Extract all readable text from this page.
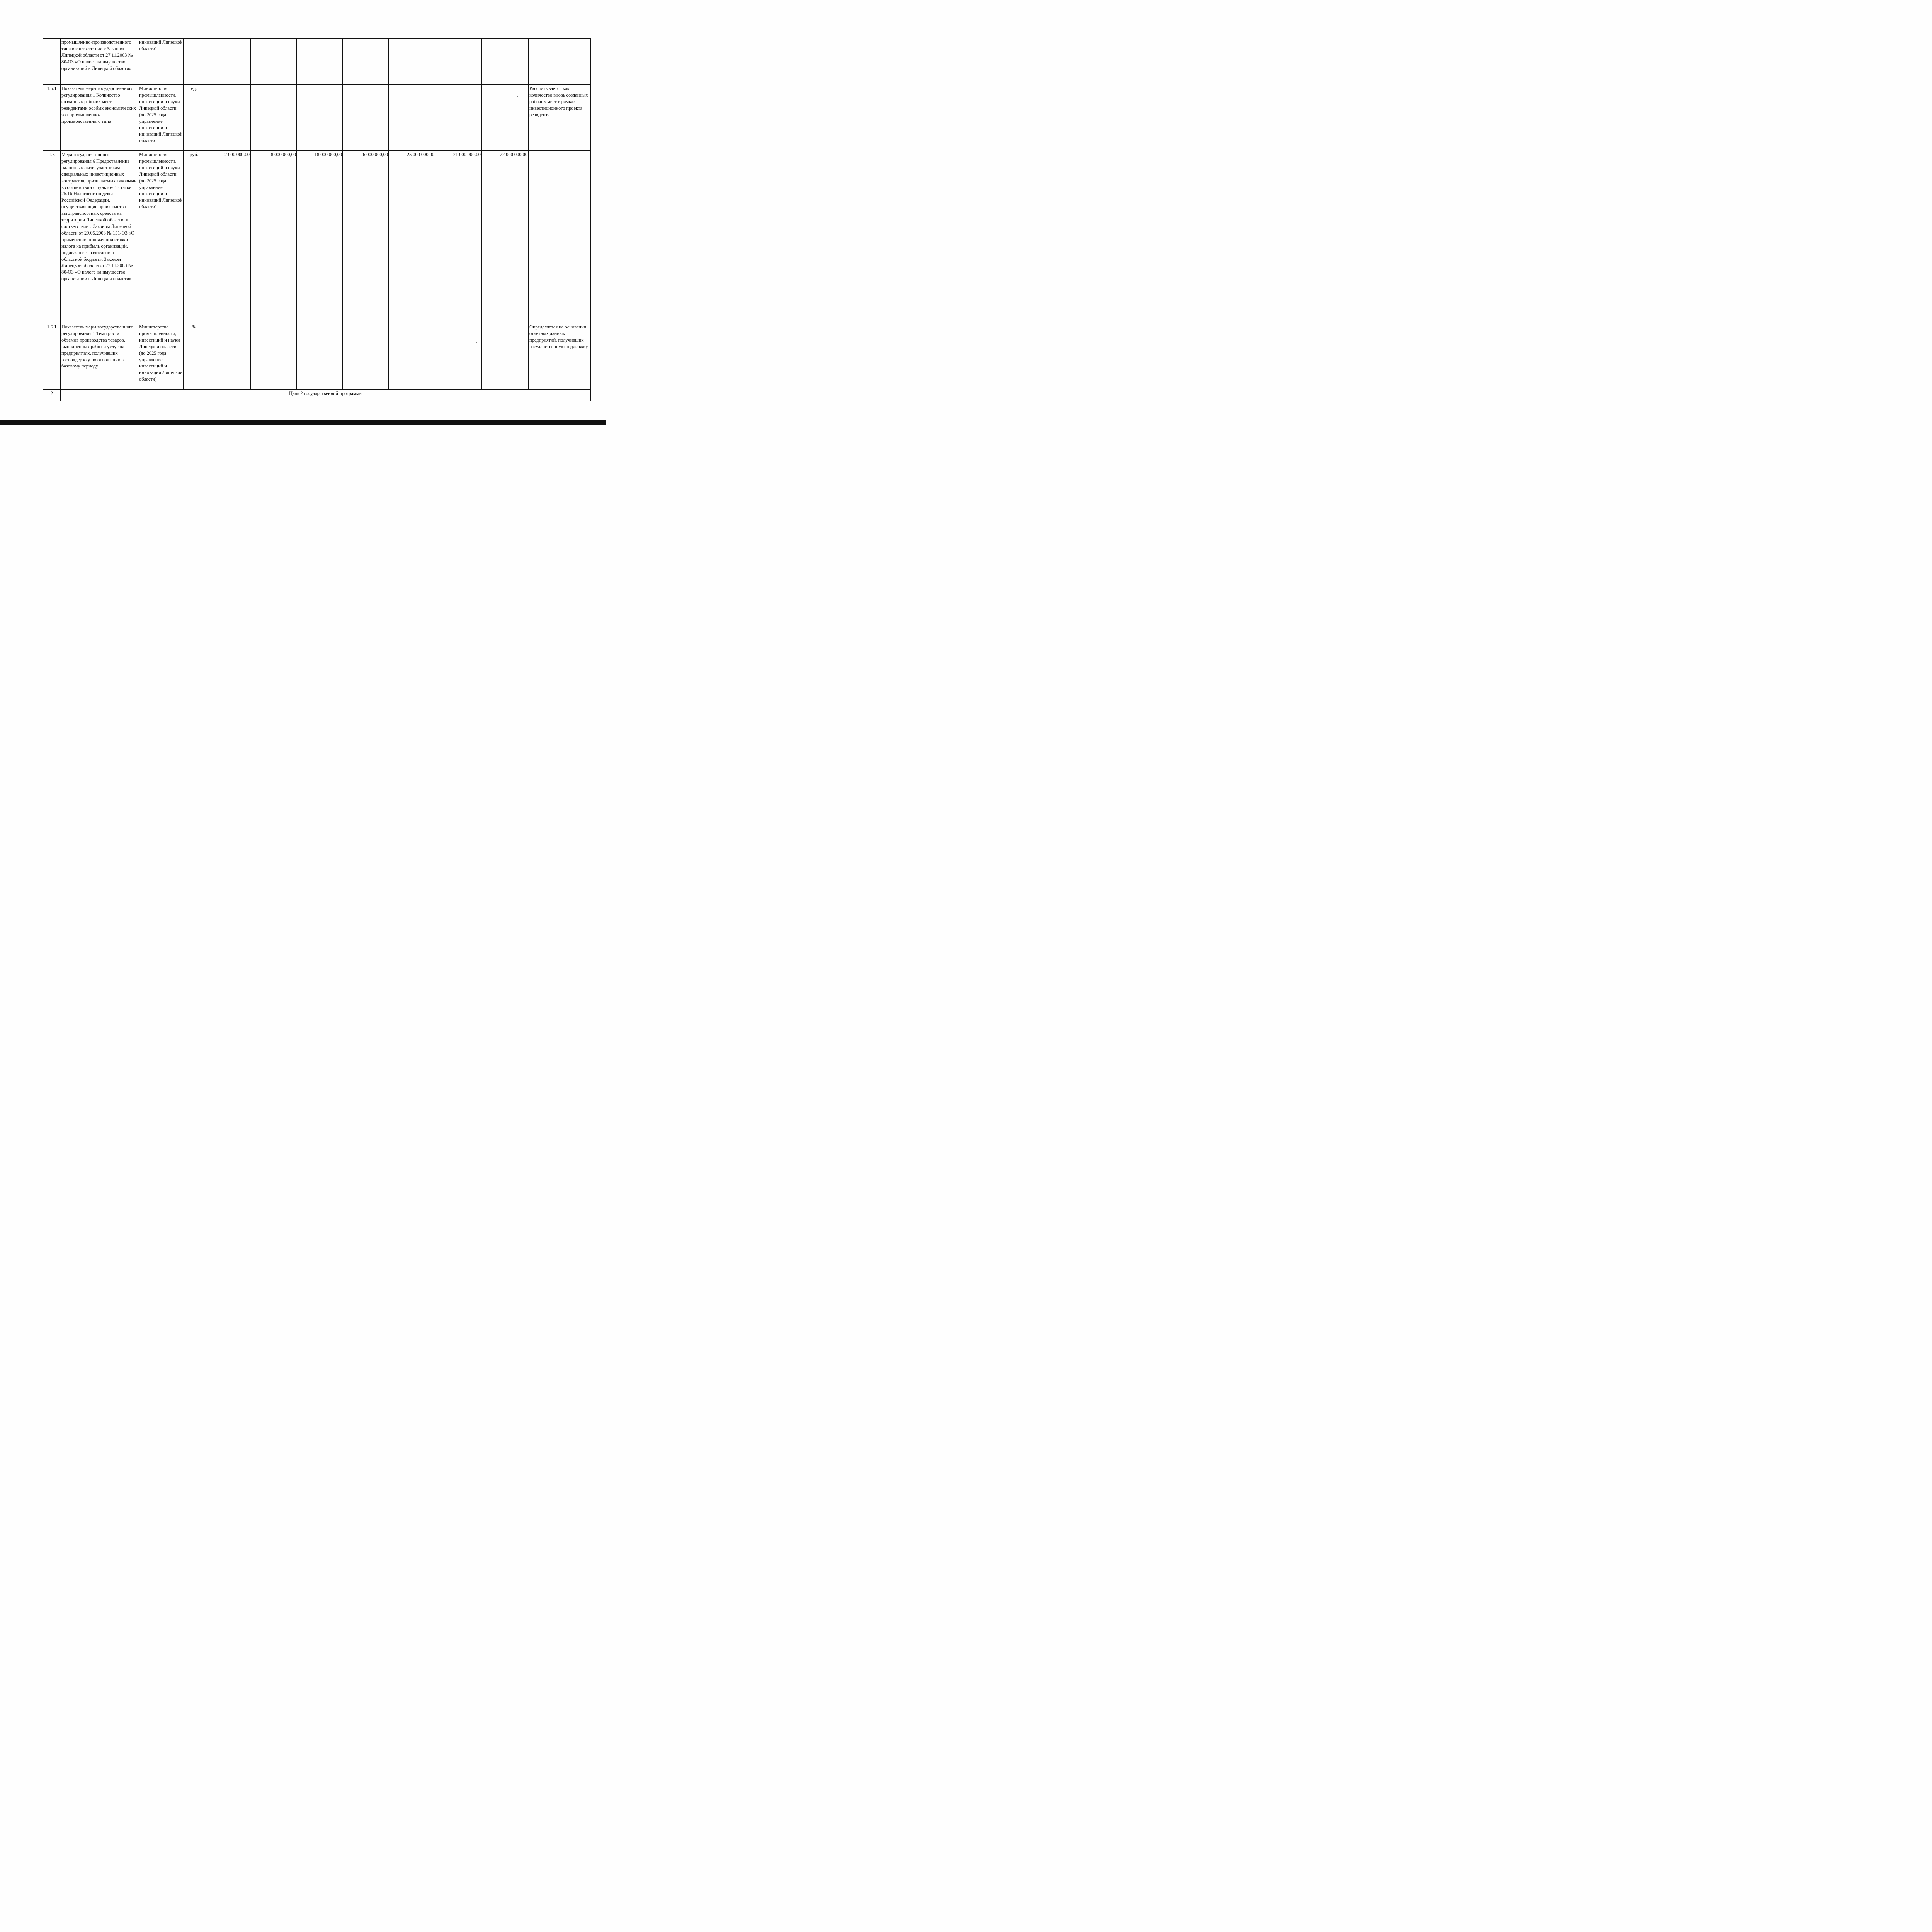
	промышленно-производственного типа в соответствии с Законом Липецкой области от 27.11.2003 № 80-ОЗ «О налоге на имущество организаций в Липецкой области»	инноваций Липецкой области)									
1.5.1	Показатель меры государственного регулирования 1 Количество созданных рабочих мест резидентами особых экономических зон промышленно-производственного типа	Министерство промышленности, инвестиций и науки Липецкой области (до 2025 года управление инвестиций и инноваций Липецкой области)	ед.								Рассчитывается как количество вновь созданных рабочих мест в рамках инвестиционного проекта резидента
1.6	Мера государственного регулирования 6 Предоставление налоговых льгот участникам специальных инвестиционных контрактов, признаваемых таковыми в соответствии с пунктом 1 статьи 25.16 Налогового кодекса Российской Федерации, осуществляющие производство автотранспортных средств на территории Липецкой области, в соответствии с Законом Липецкой области от 29.05.2008 № 151-ОЗ «О применении пониженной ставки налога на прибыль организаций, подлежащего зачислению в областной бюджет», Законом Липецкой области от 27.11.2003 № 80-ОЗ «О налоге на имущество организаций в Липецкой области»	Министерство промышленности, инвестиций и науки Липецкой области (до 2025 года управление инвестиций и инноваций Липецкой области)	руб.	2 000 000,00	8 000 000,00	18 000 000,00	26 000 000,00	25 000 000,00	21 000 000,00	22 000 000,00	
1.6.1	Показатель меры государственного регулирования 1 Темп роста объемов производства товаров, выполненных работ и услуг на предприятиях, получивших господдержку по отношению к базовому периоду	Министерство промышленности, инвестиций и науки Липецкой области (до 2025 года управление инвестиций и инноваций Липецкой области)	%								Определяется на основании отчетных данных предприятий, получивших государственную поддержку
2	Цель 2 государственной программы										
